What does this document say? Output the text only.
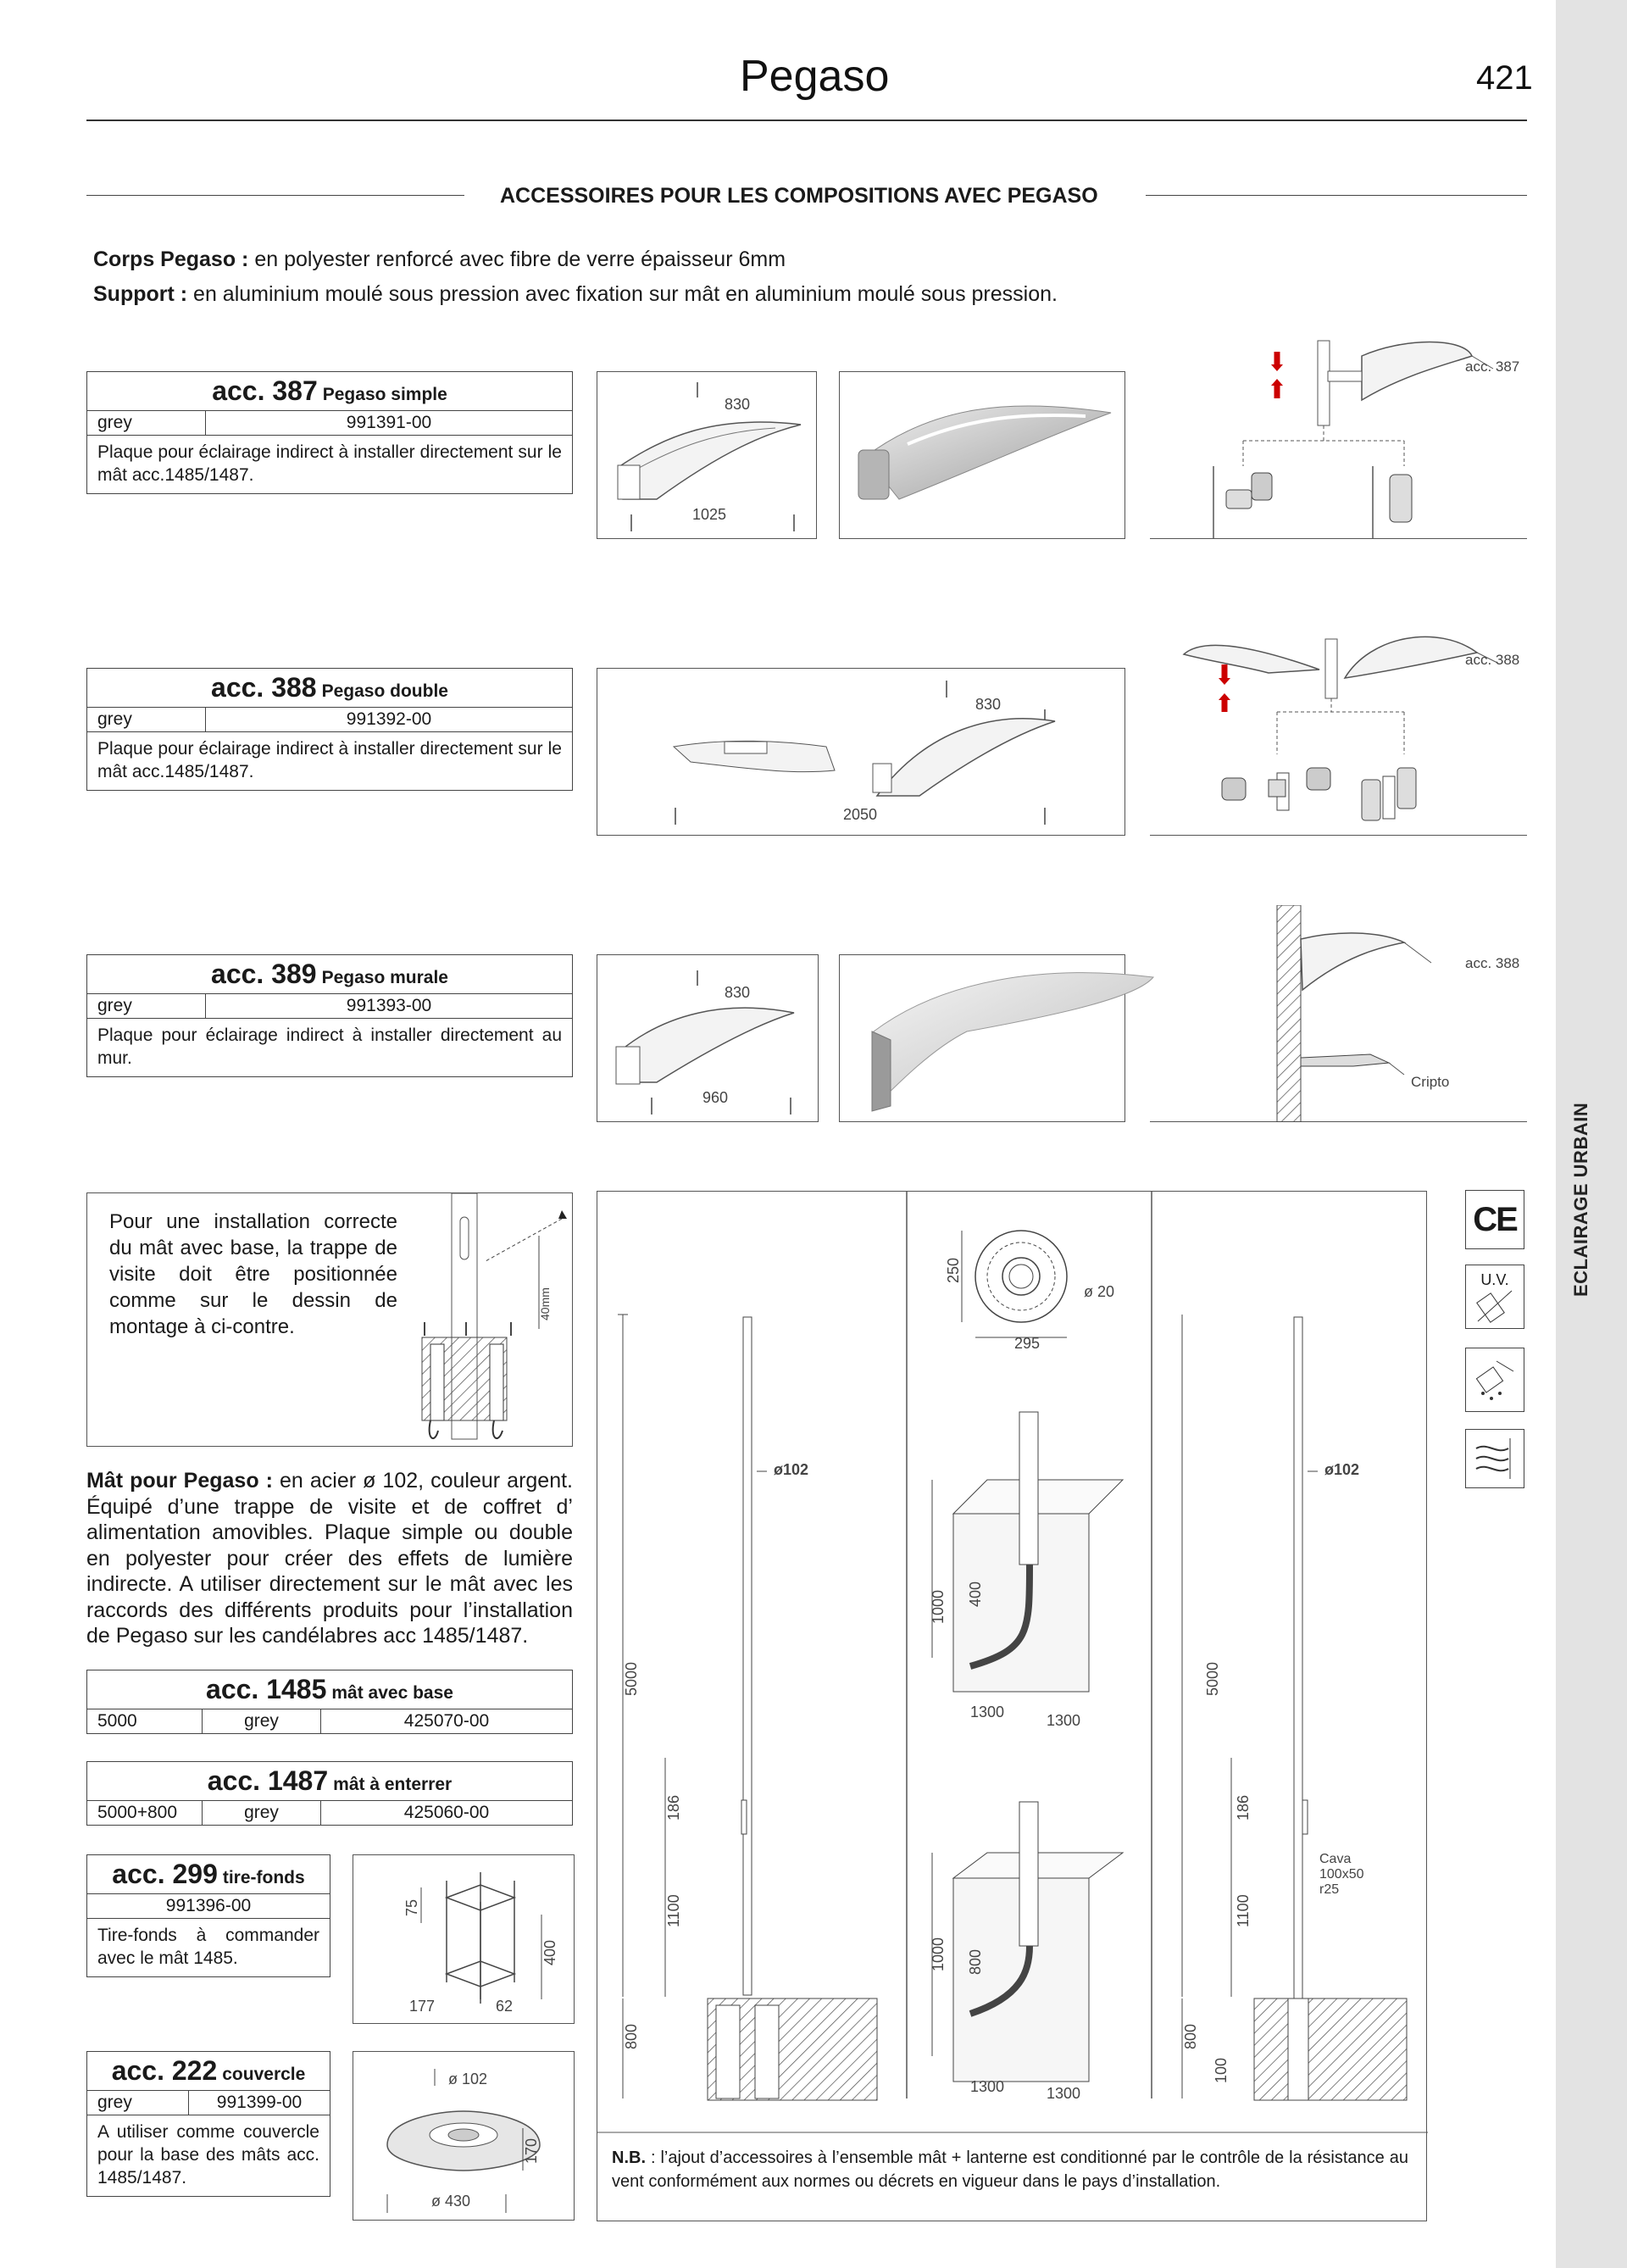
ECLAIRAGE URBAIN
Pegaso	421
ACCESSOIRES POUR LES COMPOSITIONS AVEC PEGASO
Corps Pegaso : en polyester renforcé avec fibre de verre épaisseur 6mm
Support : en aluminium moulé sous pression avec fixation sur mât en aluminium moulé sous pression.
acc. 387 Pegaso simple
grey	991391-00
Plaque pour éclairage indirect à installer directement sur le mât acc.1485/1487.
830
1025
acc. 387
acc. 388 Pegaso double
grey	991392-00
Plaque pour éclairage indirect à installer directement sur le mât acc.1485/1487.
830
2050
acc. 388
acc. 389 Pegaso murale
grey	991393-00
Plaque pour éclairage indirect à installer directement au mur.
830
960
acc. 388
Cripto
Pour une installation correcte du mât avec base, la trappe de visite doit être positionnée comme sur le dessin de montage à ci-contre.
40mm
Mât pour Pegaso : en acier ø 102, couleur argent. Équipé d’une trappe de visite et de coffret d’ alimentation amovibles. Plaque simple ou double en polyester pour créer des effets de lumière indirecte. A utiliser directement sur le mât avec les raccords des différents produits pour l’installation de Pegaso sur les candélabres acc 1485/1487.
acc. 1485 mât avec base
5000	grey	425070-00
acc. 1487 mât à enterrer
5000+800	grey	425060-00
acc. 299 tire-fonds
991396-00
Tire-fonds à commander avec le mât 1485.
75
400
177	62
acc. 222 couvercle
grey	991399-00
A utiliser comme couvercle pour la base des mâts acc. 1485/1487.
ø 102
170
ø 430
5000
ø102
186
1100
800
250
ø 20
295
1000 400
1300	1300
1000 800
1300	1300
5000
ø102
186
1100
Cava
100x50
r25
800
100
N.B. : l’ajout d’accessoires à l’ensemble mât + lanterne est conditionné par le contrôle de la résistance au vent conformément aux normes ou décrets en vigueur dans le pays d’installation.
CE
U.V.
